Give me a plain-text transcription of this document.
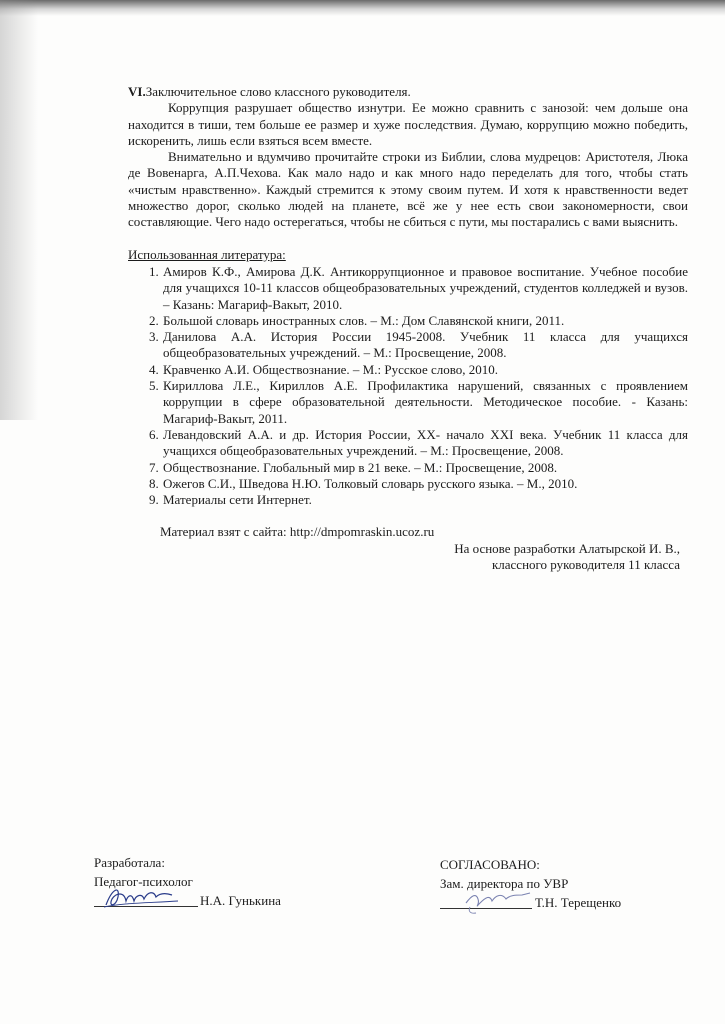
VI.Заключительное слово классного руководителя.

Коррупция разрушает общество изнутри. Ее можно сравнить с занозой: чем дольше она находится в тиши, тем больше ее размер и хуже последствия. Думаю, коррупцию можно победить, искоренить, лишь если взяться всем вместе.

Внимательно и вдумчиво прочитайте строки из Библии, слова мудрецов: Аристотеля, Люка де Вовенарга, А.П.Чехова. Как мало надо и как много надо переделать для того, чтобы стать «чистым нравственно». Каждый стремится к этому своим путем. И хотя к нравственности ведет множество дорог, сколько людей на планете, всё же у нее есть свои закономерности, свои составляющие. Чего надо остерегаться, чтобы не сбиться с пути, мы постарались с вами выяснить.

Использованная литература:
1. Амиров К.Ф., Амирова Д.К. Антикоррупционное и правовое воспитание. Учебное пособие для учащихся 10-11 классов общеобразовательных учреждений, студентов колледжей и вузов. – Казань: Магариф-Вакыт, 2010.
2. Большой словарь иностранных слов. – М.: Дом Славянской книги, 2011.
3. Данилова А.А. История России 1945-2008. Учебник 11 класса для учащихся общеобразовательных учреждений. – М.: Просвещение, 2008.
4. Кравченко А.И. Обществознание. – М.: Русское слово, 2010.
5. Кириллова Л.Е., Кириллов А.Е. Профилактика нарушений, связанных с проявлением коррупции в сфере образовательной деятельности. Методическое пособие. - Казань: Магариф-Вакыт, 2011.
6. Левандовский А.А. и др. История России, XX- начало XXI века. Учебник 11 класса для учащихся общеобразовательных учреждений. – М.: Просвещение, 2008.
7. Обществознание. Глобальный мир в 21 веке. – М.: Просвещение, 2008.
8. Ожегов С.И., Шведова Н.Ю. Толковый словарь русского языка. – М., 2010.
9. Материалы сети Интернет.
Материал взят с сайта: http://dmpomraskin.ucoz.ru
На основе разработки Алатырской И. В.,
классного руководителя 11 класса
Разработала:
Педагог-психолог
Н.А. Гунькина
СОГЛАСОВАНО:
Зам. директора по УВР
Т.Н. Терещенко
